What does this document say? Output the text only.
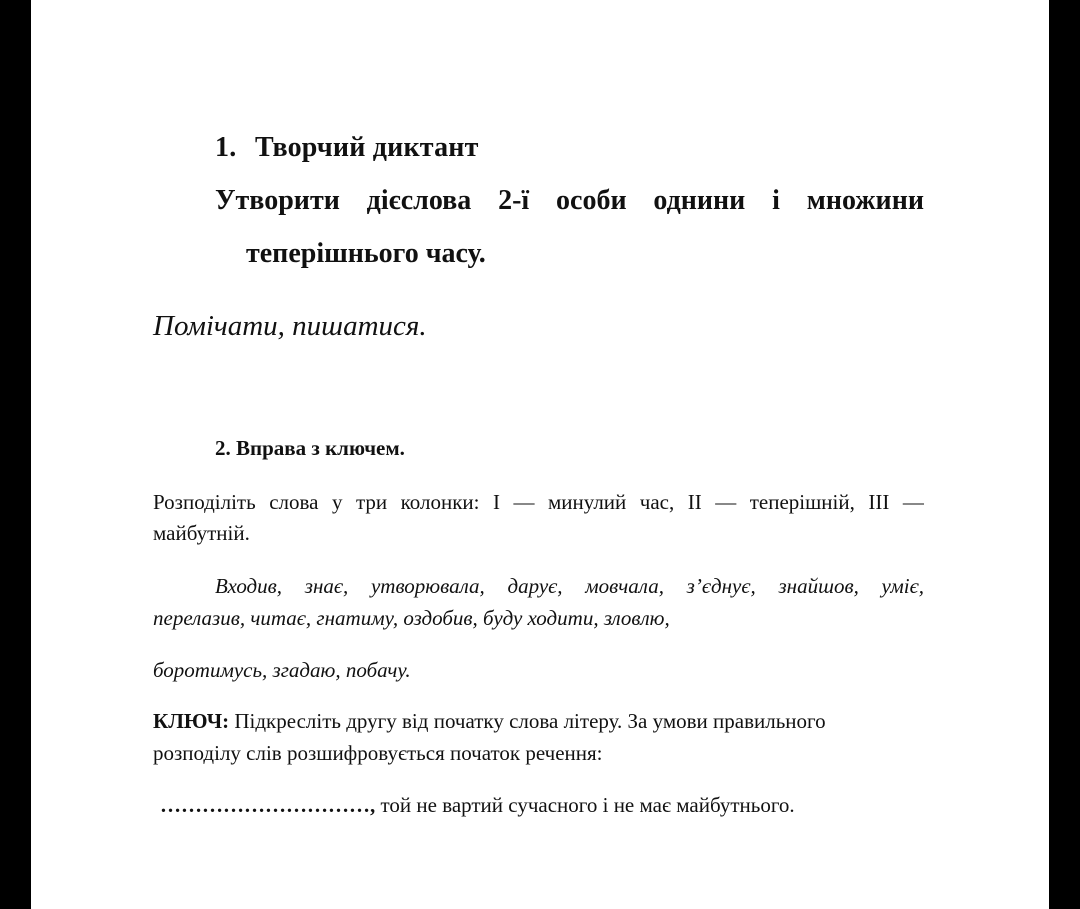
1. Творчий диктант
Утворити дієслова 2-ї особи однини і множини
теперішнього часу.
Помічати, пишатися.
2. Вправа з ключем.
Розподіліть слова у три колонки: І — минулий час, ІІ — теперішній, ІІІ —
майбутній.
Входив, знає, утворювала, дарує, мовчала, з’єднує, знайшов, уміє,
перелазив, читає, гнатиму, оздобив, буду ходити, зловлю,
боротимусь, згадаю, побачу.
КЛЮЧ: Підкресліть другу від початку слова літеру. За умови правильного
розподілу слів розшифровується початок речення:
…………………………, той не вартий сучасного і не має майбутнього.
